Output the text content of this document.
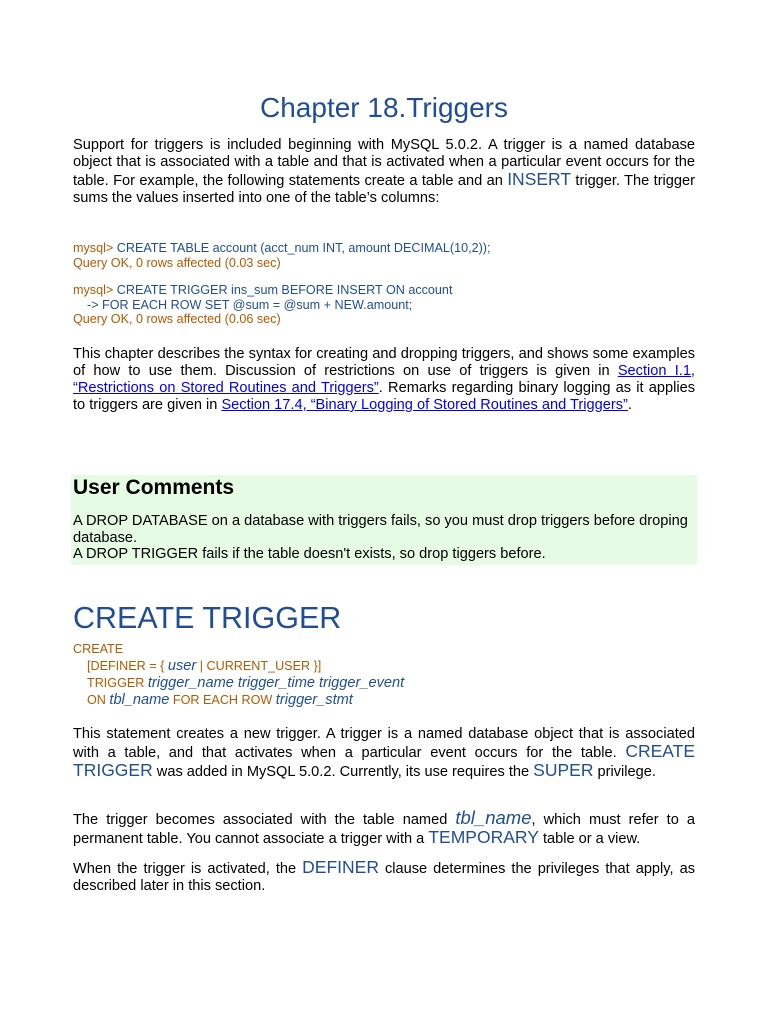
Chapter 18.Triggers

Support for triggers is included beginning with MySQL 5.0.2. A trigger is a named database object that is associated with a table and that is activated when a particular event occurs for the table. For example, the following statements create a table and an INSERT trigger. The trigger sums the values inserted into one of the table’s columns:

mysql> CREATE TABLE account (acct_num INT, amount DECIMAL(10,2));
Query OK, 0 rows affected (0.03 sec)
mysql> CREATE TRIGGER ins_sum BEFORE INSERT ON account
-> FOR EACH ROW SET @sum = @sum + NEW.amount;
Query OK, 0 rows affected (0.06 sec)

This chapter describes the syntax for creating and dropping triggers, and shows some examples of how to use them. Discussion of restrictions on use of triggers is given in Section I.1, “Restrictions on Stored Routines and Triggers”. Remarks regarding binary logging as it applies to triggers are given in Section 17.4, “Binary Logging of Stored Routines and Triggers”.

User Comments
A DROP DATABASE on a database with triggers fails, so you must drop triggers before droping database.
A DROP TRIGGER fails if the table doesn't exists, so drop tiggers before.
CREATE TRIGGER
CREATE
[DEFINER = { user | CURRENT_USER }]
TRIGGER trigger_name trigger_time trigger_event
ON tbl_name FOR EACH ROW trigger_stmt

This statement creates a new trigger. A trigger is a named database object that is associated with a table, and that activates when a particular event occurs for the table. CREATE TRIGGER was added in MySQL 5.0.2. Currently, its use requires the SUPER privilege.

The trigger becomes associated with the table named tbl_name, which must refer to a permanent table. You cannot associate a trigger with a TEMPORARY table or a view.

When the trigger is activated, the DEFINER clause determines the privileges that apply, as described later in this section.
